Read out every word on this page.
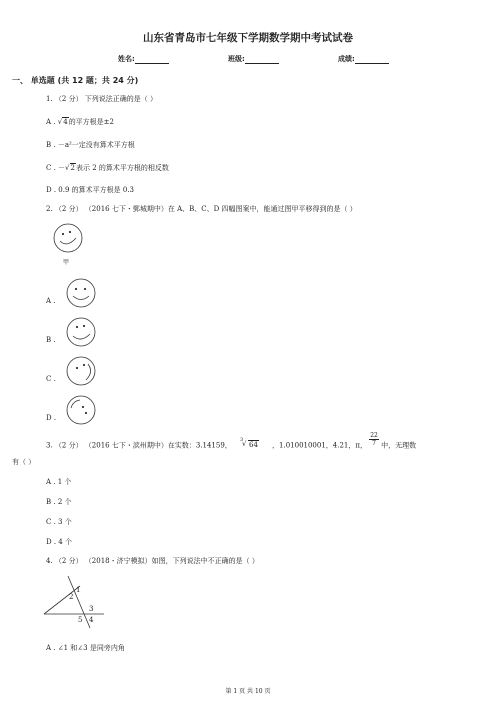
山东省青岛市七年级下学期数学期中考试试卷
姓名:	班级:	成绩:
一、 单选题 (共 12 题；共 24 分)
1. （2 分） 下列说法正确的是（ ）
A . √4的平方根是±2
B . －a²一定没有算术平方根
C . －√2表示 2 的算术平方根的相反数
D . 0.9 的算术平方根是 0.3
2. （2 分） （2016 七下・鄄城期中）在 A、B、C、D 四幅图案中，能通过图甲平移得到的是（ ）
甲
A .
B .
C .
D .
3. （2 分） （2016 七下・滨州期中）在实数：3.14159，
3
√ 64 ，1.010010001，4.21，π， $\frac{22}{7}$ 中，无理数
有（ ）
A . 1 个
B . 2 个
C . 3 个
D . 4 个
4. （2 分） （2018・济宁模拟）如图，下列说法中不正确的是（ ）
1
2
3
4
5
A . ∠1 和∠3 是同旁内角
第 1 页 共 10 页
